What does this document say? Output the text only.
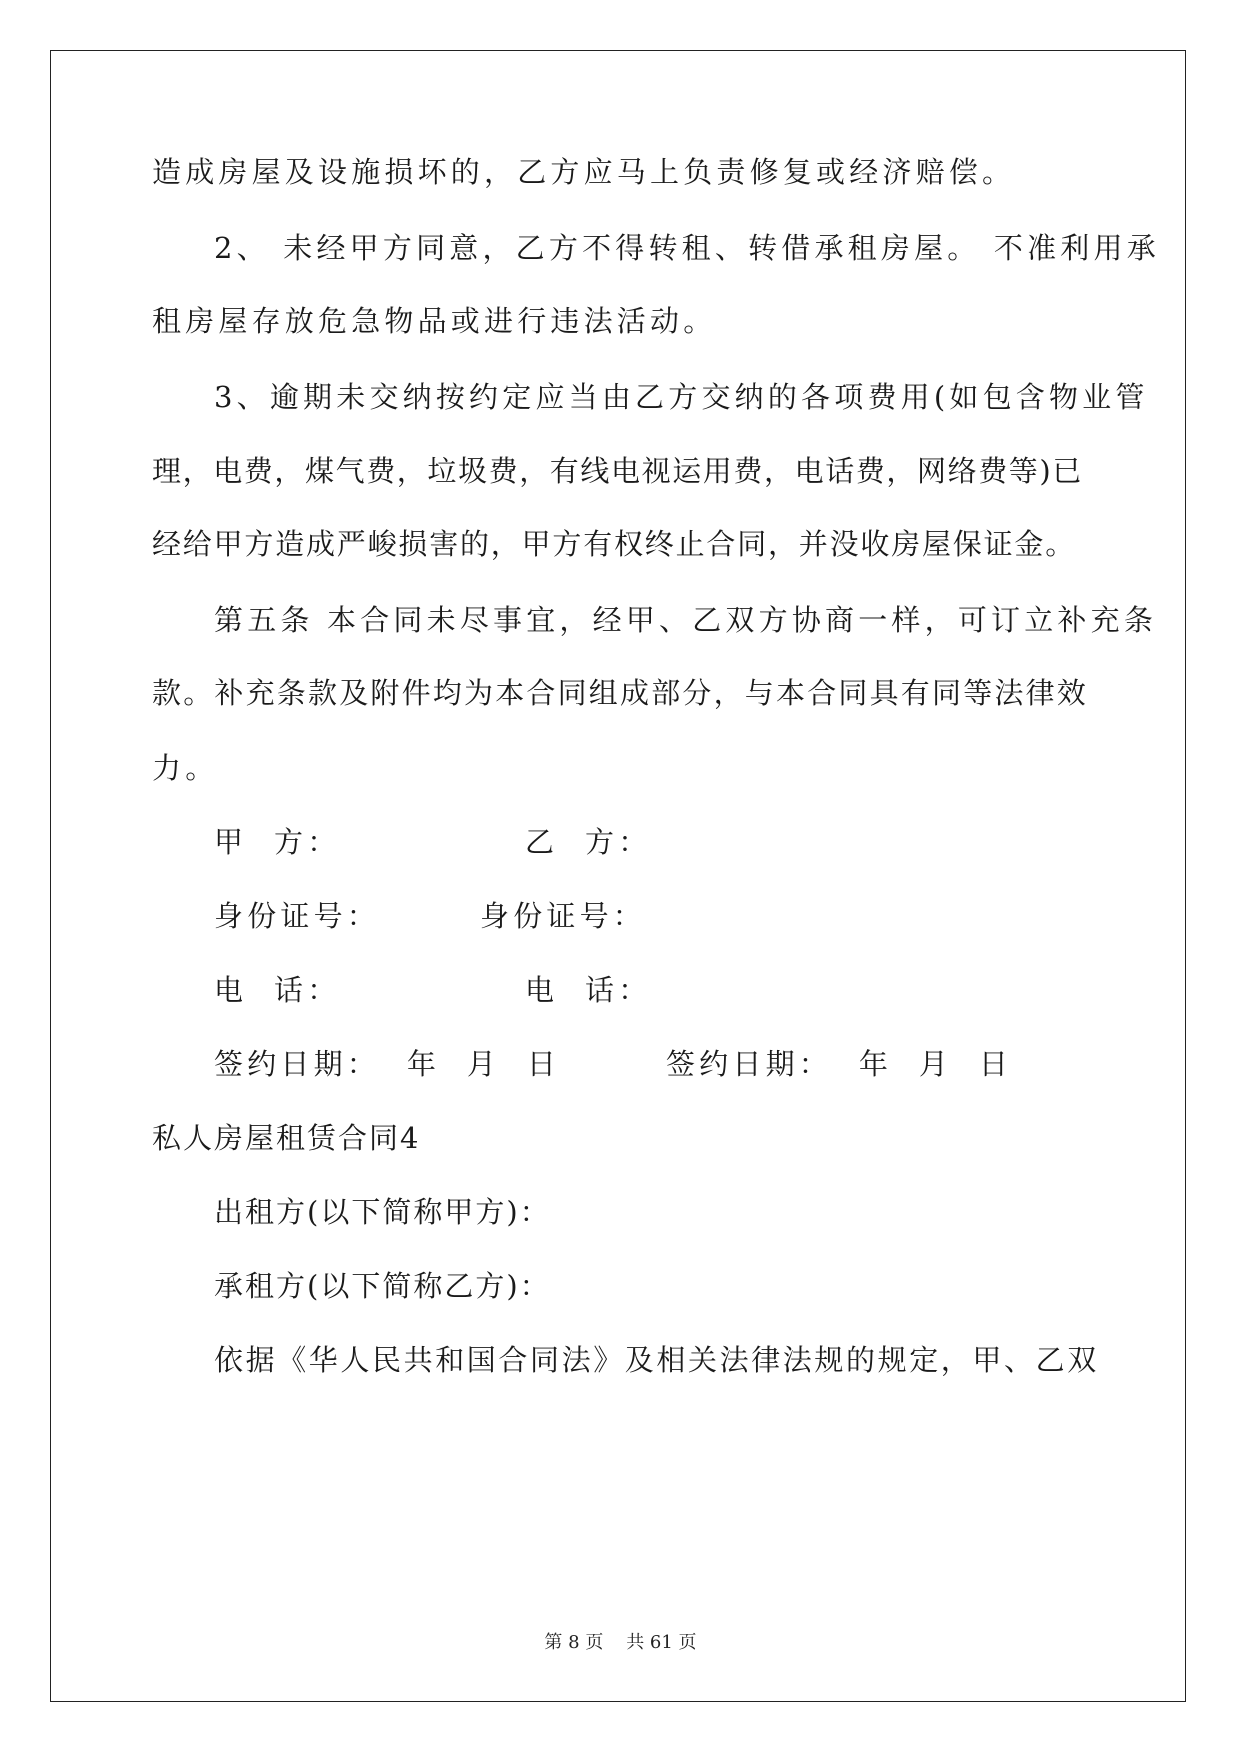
造成房屋及设施损坏的，乙方应马上负责修复或经济赔偿。
2、 未经甲方同意，乙方不得转租、转借承租房屋。 不准利用承
租房屋存放危急物品或进行违法活动。
3、逾期未交纳按约定应当由乙方交纳的各项费用(如包含物业管
理，电费，煤气费，垃圾费，有线电视运用费，电话费，网络费等)已
经给甲方造成严峻损害的，甲方有权终止合同，并没收房屋保证金。
第五条 本合同未尽事宜，经甲、乙双方协商一样，可订立补充条
款。补充条款及附件均为本合同组成部分，与本合同具有同等法律效
力。
甲  方：	乙  方：
身份证号：	身份证号：
电  话：	电  话：
签约日期：  年  月  日	签约日期：  年  月  日
私人房屋租赁合同4
出租方(以下简称甲方)：
承租方(以下简称乙方)：
依据《华人民共和国合同法》及相关法律法规的规定，甲、乙双
第 8 页    共 61 页
